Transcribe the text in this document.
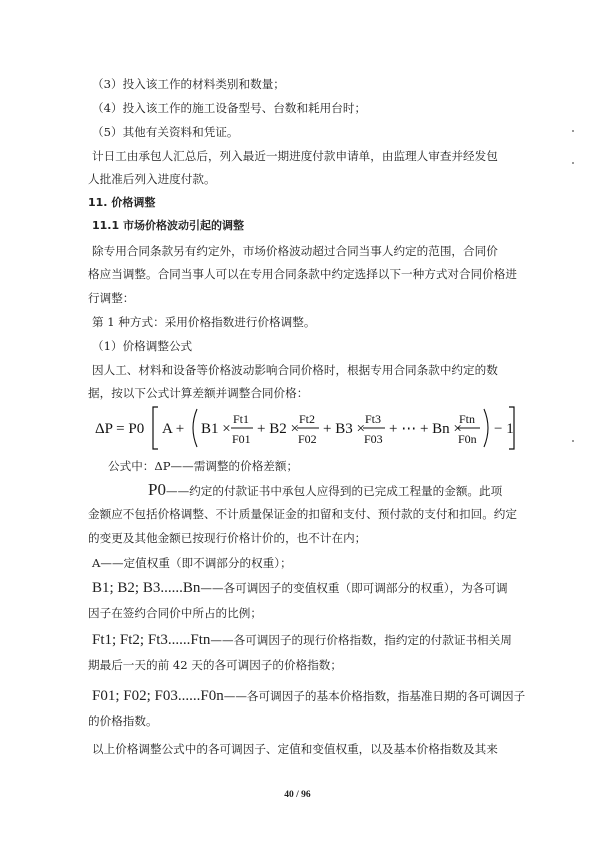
（3）投入该工作的材料类别和数量；
（4）投入该工作的施工设备型号、台数和耗用台时；
（5）其他有关资料和凭证。
计日工由承包人汇总后，列入最近一期进度付款申请单，由监理人审查并经发包
人批准后列入进度付款。
11. 价格调整
11.1 市场价格波动引起的调整
除专用合同条款另有约定外，市场价格波动超过合同当事人约定的范围，合同价
格应当调整。合同当事人可以在专用合同条款中约定选择以下一种方式对合同价格进
行调整：
第 1 种方式：采用价格指数进行价格调整。
（1）价格调整公式
因人工、材料和设备等价格波动影响合同价格时，根据专用合同条款中约定的数
据，按以下公式计算差额并调整合同价格：
ΔP = P0 A + B1 ×
Ft1
F01
+ B2 ×
Ft2
F02
+ B3 ×
Ft3
F03
+ ⋯ + Bn ×
Ftn
F0n
− 1
公式中：ΔP——需调整的价格差额；
P0——约定的付款证书中承包人应得到的已完成工程量的金额。此项
金额应不包括价格调整、不计质量保证金的扣留和支付、预付款的支付和扣回。约定
的变更及其他金额已按现行价格计价的，也不计在内；
A——定值权重（即不调部分的权重）；
B1; B2; B3......Bn——各可调因子的变值权重（即可调部分的权重），为各可调
因子在签约合同价中所占的比例；
Ft1; Ft2; Ft3......Ftn——各可调因子的现行价格指数，指约定的付款证书相关周
期最后一天的前 42 天的各可调因子的价格指数；
F01; F02; F03......F0n——各可调因子的基本价格指数，指基准日期的各可调因子
的价格指数。
以上价格调整公式中的各可调因子、定值和变值权重，以及基本价格指数及其来
40 / 96
